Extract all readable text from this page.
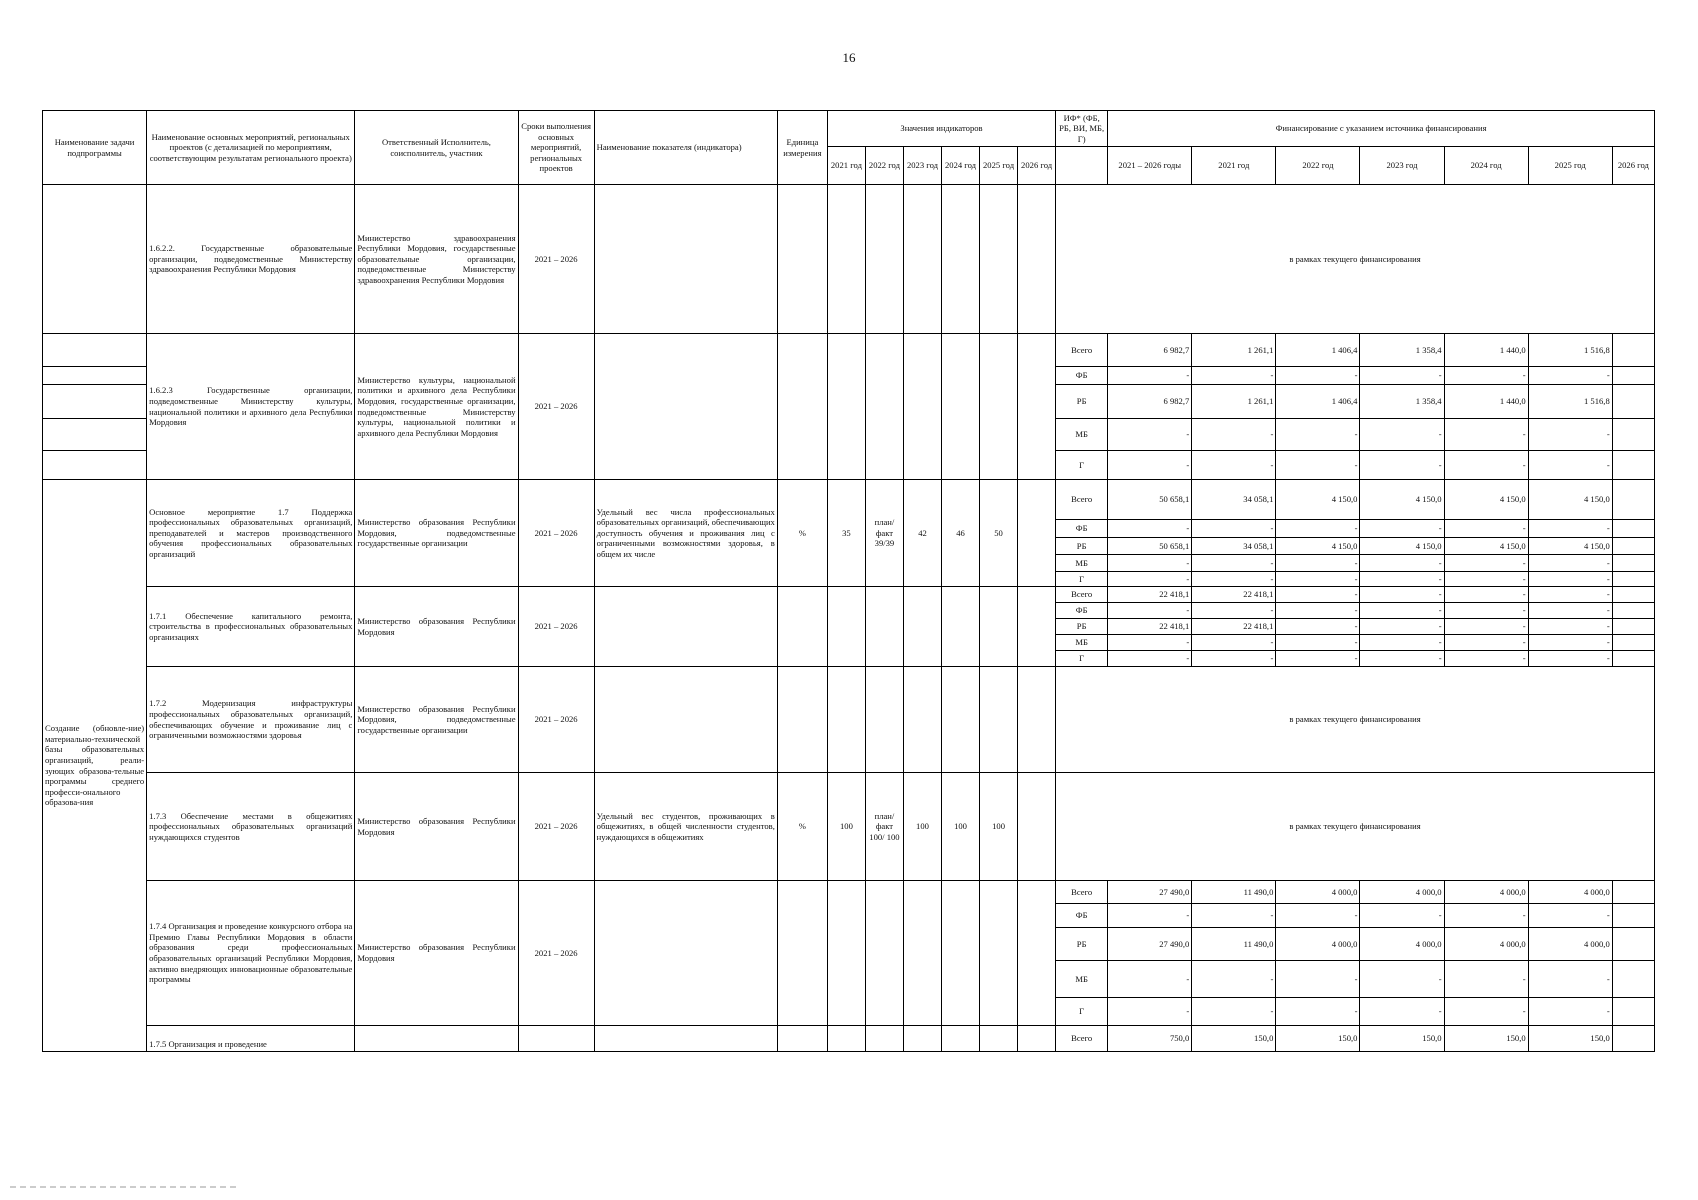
16
Наименование задачи подпрограммы	Наименование основных мероприятий, региональных проектов (с детализацией по мероприятиям, соответствующим результатам регионального проекта)	Ответственный Исполнитель, соисполнитель, участник	Сроки выполнения основных мероприятий, региональных проектов	Наименование показателя (индикатора)	Единица измерения	Значения индикаторов						ИФ* (ФБ, РБ, ВИ, МБ, Г)	Финансирование с указанием источника финансирования						
						2021 год	2022 год	2023 год	2024 год	2025 год	2026 год		2021 – 2026 годы	2021 год	2022 год	2023 год	2024 год	2025 год	2026 год
	1.6.2.2. Государственные образовательные организации, подведомственные Министерству здравоохранения Республики Мордовия	Министерство здравоохранения Республики Мордовия, государственные образовательные организации, подведомственные Министерству здравоохранения Республики Мордовия	2021 – 2026									в рамках текущего финансирования							
	1.6.2.3 Государственные организации, подведомственные Министерству культуры, национальной политики и архивного дела Республики Мордовия	Министерство культуры, национальной политики и архивного дела Республики Мордовия, государственные организации, подведомственные Министерству культуры, национальной политики и архивного дела Республики Мордовия	2021 – 2026									Всего	6 982,7	1 261,1	1 406,4	1 358,4	1 440,0	1 516,8	
												ФБ	-	-	-	-	-	-	
												РБ	6 982,7	1 261,1	1 406,4	1 358,4	1 440,0	1 516,8	
												МБ	-	-	-	-	-	-	
												Г	-	-	-	-	-	-	
Создание (обновле-ние) материально-технической базы образовательных организаций, реали-зующих образова-тельные программы среднего професси-онального образова-ния	Основное мероприятие 1.7 Поддержка профессиональных образовательных организаций, преподавателей и мастеров производственного обучения профессиональных образовательных организаций	Министерство образования Республики Мордовия, подведомственные государственные организации	2021 – 2026	Удельный вес числа профессиональных образовательных организаций, обеспечивающих доступность обучения и проживания лиц с ограниченными возможностями здоровья, в общем их числе	%	35	план/ факт 39/39	42	46	50		Всего	50 658,1	34 058,1	4 150,0	4 150,0	4 150,0	4 150,0	
												ФБ	-	-	-	-	-	-	
												РБ	50 658,1	34 058,1	4 150,0	4 150,0	4 150,0	4 150,0	
												МБ	-	-	-	-	-	-	
												Г	-	-	-	-	-	-	
	1.7.1 Обеспечение капитального ремонта, строительства в профессиональных образовательных организациях	Министерство образования Республики Мордовия	2021 – 2026									Всего	22 418,1	22 418,1	-	-	-	-	
												ФБ	-	-	-	-	-	-	
												РБ	22 418,1	22 418,1	-	-	-	-	
												МБ	-	-	-	-	-	-	
												Г	-	-	-	-	-	-	
	1.7.2 Модернизация инфраструктуры профессиональных образовательных организаций, обеспечивающих обучение и проживание лиц с ограниченными возможностями здоровья	Министерство образования Республики Мордовия, подведомственные государственные организации	2021 – 2026									в рамках текущего финансирования							
	1.7.3 Обеспечение местами в общежитиях профессиональных образовательных организаций нуждающихся студентов	Министерство образования Республики Мордовия	2021 – 2026	Удельный вес студентов, проживающих в общежитиях, в общей численности студентов, нуждающихся в общежитиях	%	100	план/ факт 100/ 100	100	100	100		в рамках текущего финансирования							
	1.7.4 Организация и проведение конкурсного отбора на Премию Главы Республики Мордовия в области образования среди профессиональных образовательных организаций Республики Мордовия, активно внедряющих инновационные образовательные программы	Министерство образования Республики Мордовия	2021 – 2026									Всего	27 490,0	11 490,0	4 000,0	4 000,0	4 000,0	4 000,0	
												ФБ	-	-	-	-	-	-	
												РБ	27 490,0	11 490,0	4 000,0	4 000,0	4 000,0	4 000,0	
												МБ	-	-	-	-	-	-	
												Г	-	-	-	-	-	-	
	1.7.5 Организация и проведение											Всего	750,0	150,0	150,0	150,0	150,0	150,0	
